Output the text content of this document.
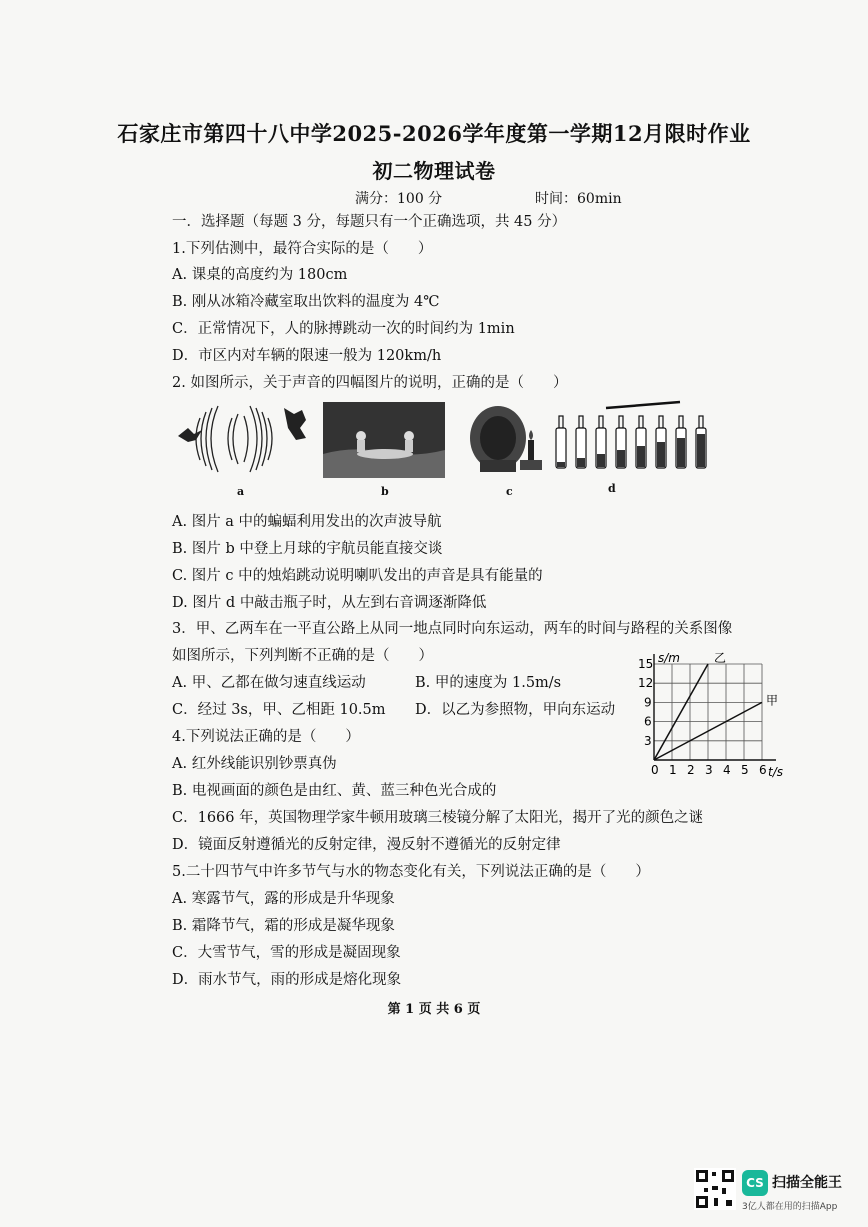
石家庄市第四十八中学2025-2026学年度第一学期12月限时作业
初二物理试卷
满分：100 分	时间：60min
一．选择题（每题 3 分，每题只有一个正确选项，共 45 分）
1.下列估测中，最符合实际的是（　　）
A. 课桌的高度约为 180cm
B. 刚从冰箱冷藏室取出饮料的温度为 4℃
C．正常情况下，人的脉搏跳动一次的时间约为 1min
D．市区内对车辆的限速一般为 120km/h
2. 如图所示，关于声音的四幅图片的说明，正确的是（　　）
a	b	c	d
A. 图片 a 中的蝙蝠利用发出的次声波导航
B. 图片 b 中登上月球的宇航员能直接交谈
C. 图片 c 中的烛焰跳动说明喇叭发出的声音是具有能量的
D. 图片 d 中敲击瓶子时，从左到右音调逐渐降低
3．甲、乙两车在一平直公路上从同一地点同时向东运动，两车的时间与路程的关系图像
如图所示，下列判断不正确的是（　　）
A. 甲、乙都在做匀速直线运动	B. 甲的速度为 1.5m/s
C．经过 3s，甲、乙相距 10.5m D．以乙为参照物，甲向东运动
0 1 2 3 4 5 6
3
6
9
12
15 s/m
t/s
乙
甲
4.下列说法正确的是（　　）
A. 红外线能识别钞票真伪
B. 电视画面的颜色是由红、黄、蓝三种色光合成的
C．1666 年，英国物理学家牛顿用玻璃三棱镜分解了太阳光，揭开了光的颜色之谜
D．镜面反射遵循光的反射定律，漫反射不遵循光的反射定律
5.二十四节气中许多节气与水的物态变化有关，下列说法正确的是（　　）
A. 寒露节气，露的形成是升华现象
B. 霜降节气，霜的形成是凝华现象
C．大雪节气，雪的形成是凝固现象
D．雨水节气，雨的形成是熔化现象
第 1 页 共 6 页
CS 扫描全能王
3亿人都在用的扫描App
